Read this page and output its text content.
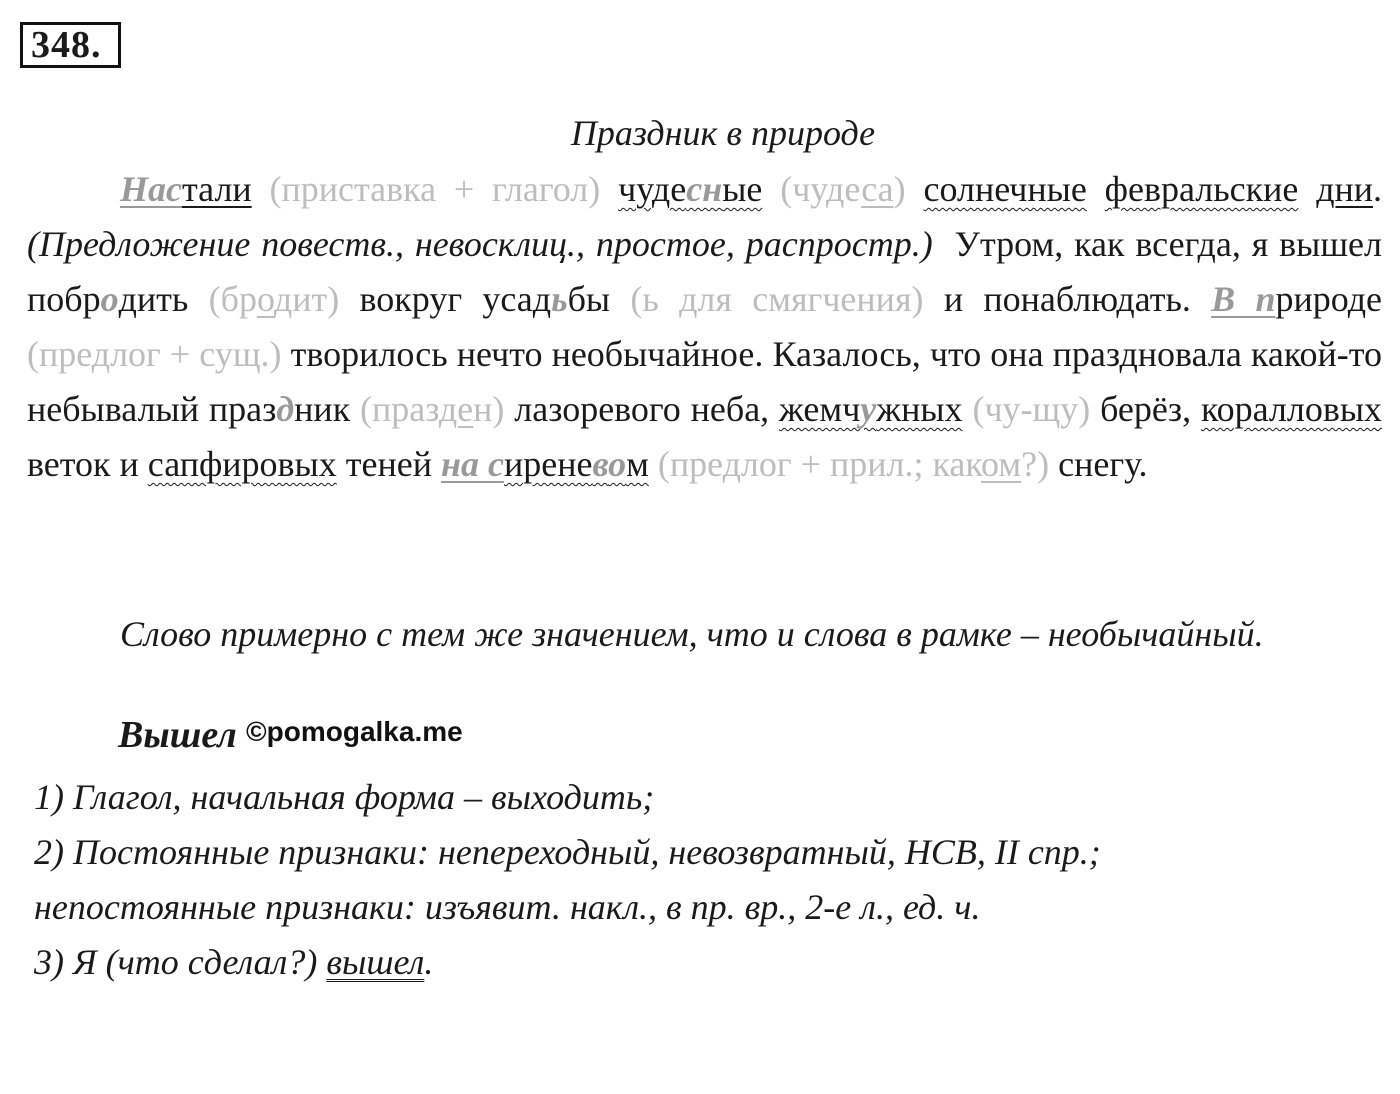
348.
Праздник в природе
Настали (приставка + глагол) чудесные (чудеса) солнечные февральские дни. (Предложение повеств., невосклиц., простое, распростр.) Утром, как всегда, я вышел побродить (бродит) вокруг усадьбы (ь для смягчения) и понаблюдать. В природе (предлог + сущ.) творилось нечто необычайное. Казалось, что она праздновала какой-то небывалый праздник (празден) лазоревого неба, жемчужных (чу-щу) берёз, коралловых веток и сапфировых теней на сиреневом (предлог + прил.; каком?) снегу.
Слово примерно с тем же значением, что и слова в рамке – необычайный.
Вышел ©pomogalka.me
1) Глагол, начальная форма – выходить;
2) Постоянные признаки: непереходный, невозвратный, НСВ, II спр.;
непостоянные признаки: изъявит. накл., в пр. вр., 2-е л., ед. ч.
3) Я (что сделал?) вышел.
